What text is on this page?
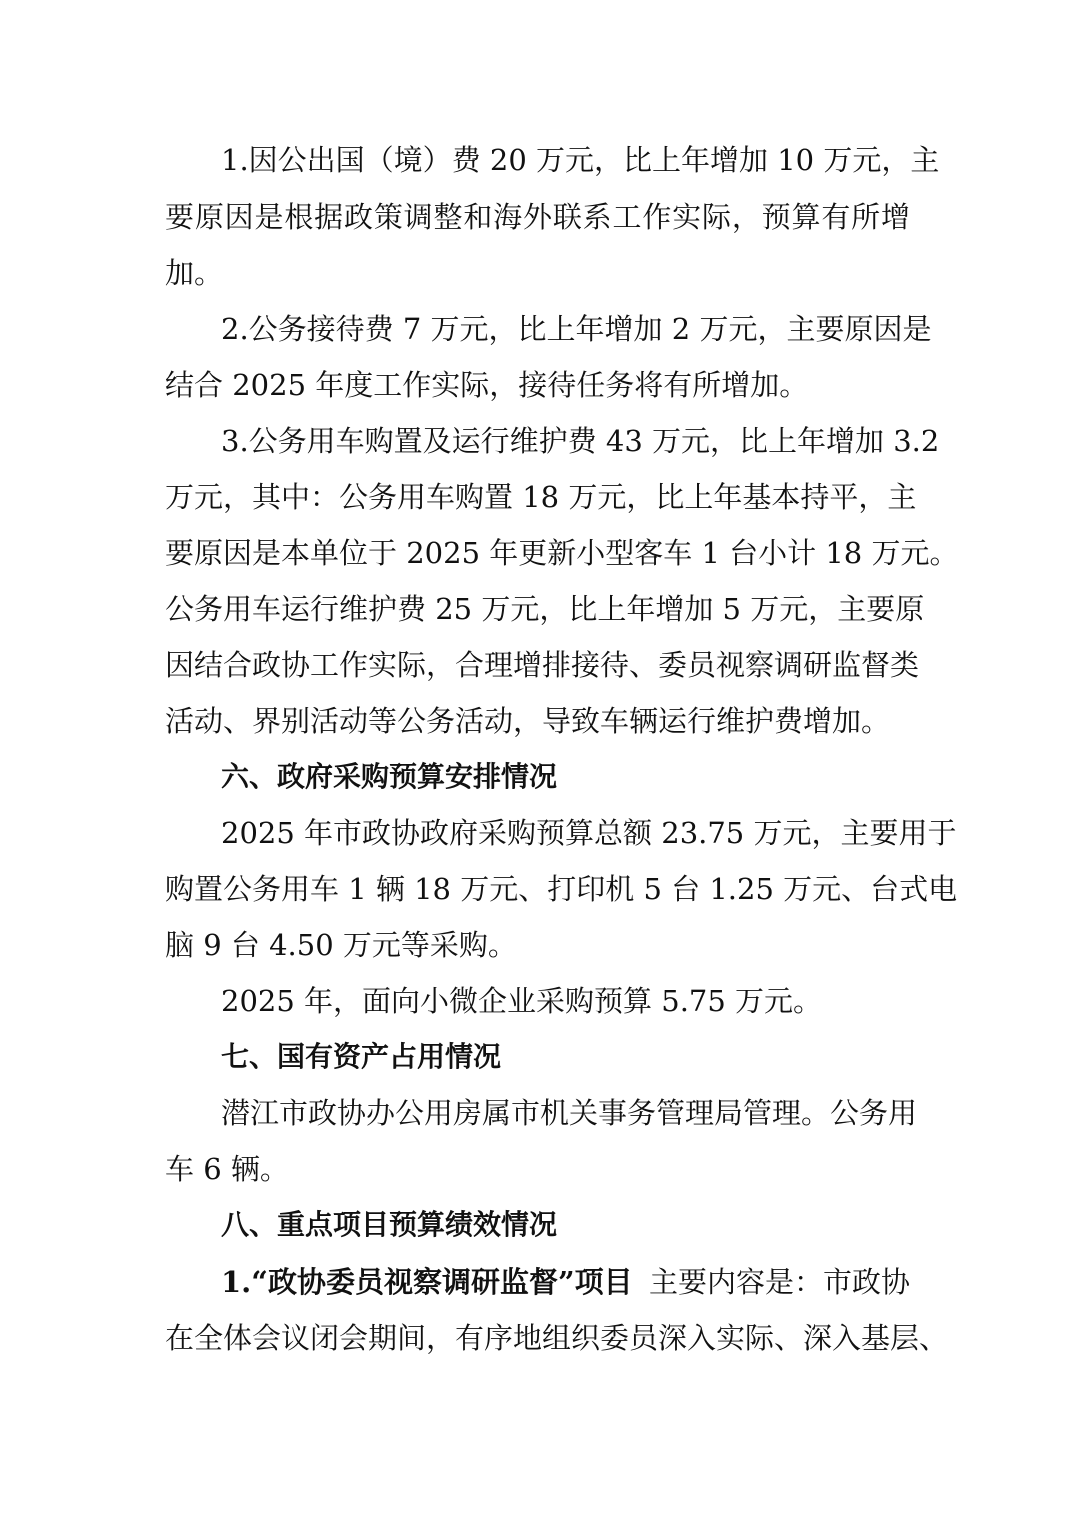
1.因公出国（境）费 20 万元，比上年增加 10 万元，主
要原因是根据政策调整和海外联系工作实际，预算有所增
加。
2.公务接待费 7 万元，比上年增加 2 万元，主要原因是
结合 2025 年度工作实际，接待任务将有所增加。
3.公务用车购置及运行维护费 43 万元，比上年增加 3.2
万元，其中：公务用车购置 18 万元，比上年基本持平，主
要原因是本单位于 2025 年更新小型客车 1 台小计 18 万元。
公务用车运行维护费 25 万元，比上年增加 5 万元，主要原
因结合政协工作实际，合理增排接待、委员视察调研监督类
活动、界别活动等公务活动，导致车辆运行维护费增加。
六、政府采购预算安排情况
2025 年市政协政府采购预算总额 23.75 万元，主要用于
购置公务用车 1 辆 18 万元、打印机 5 台 1.25 万元、台式电
脑 9 台 4.50 万元等采购。
2025 年，面向小微企业采购预算 5.75 万元。
七、国有资产占用情况
潜江市政协办公用房属市机关事务管理局管理。公务用
车 6 辆。
八、重点项目预算绩效情况
1.“政协委员视察调研监督”项目 主要内容是：市政协
在全体会议闭会期间，有序地组织委员深入实际、深入基层、
